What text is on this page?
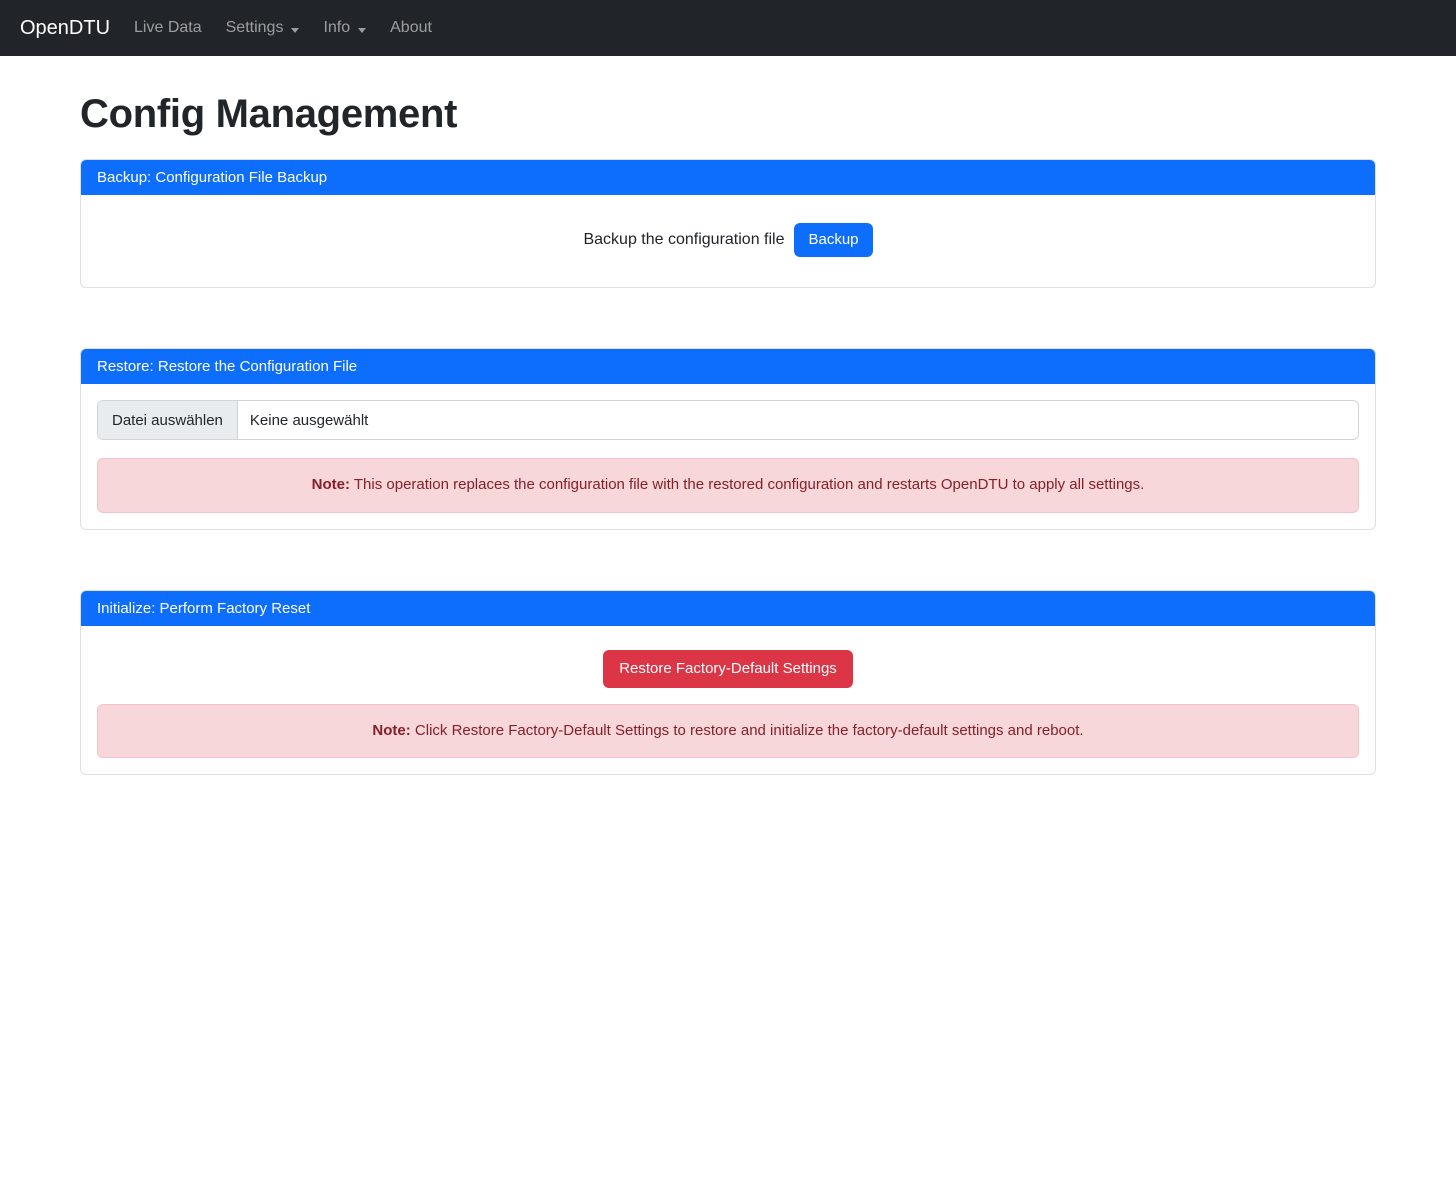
OpenDTU	Live Data Settings	Info	About
Config Management
Backup: Configuration File Backup
Backup the configuration file	Backup
Restore: Restore the Configuration File
Datei auswählen	Keine ausgewählt
Note: This operation replaces the configuration file with the restored configuration and restarts OpenDTU to apply all settings.
Initialize: Perform Factory Reset
Restore Factory-Default Settings
Note: Click Restore Factory-Default Settings to restore and initialize the factory-default settings and reboot.
